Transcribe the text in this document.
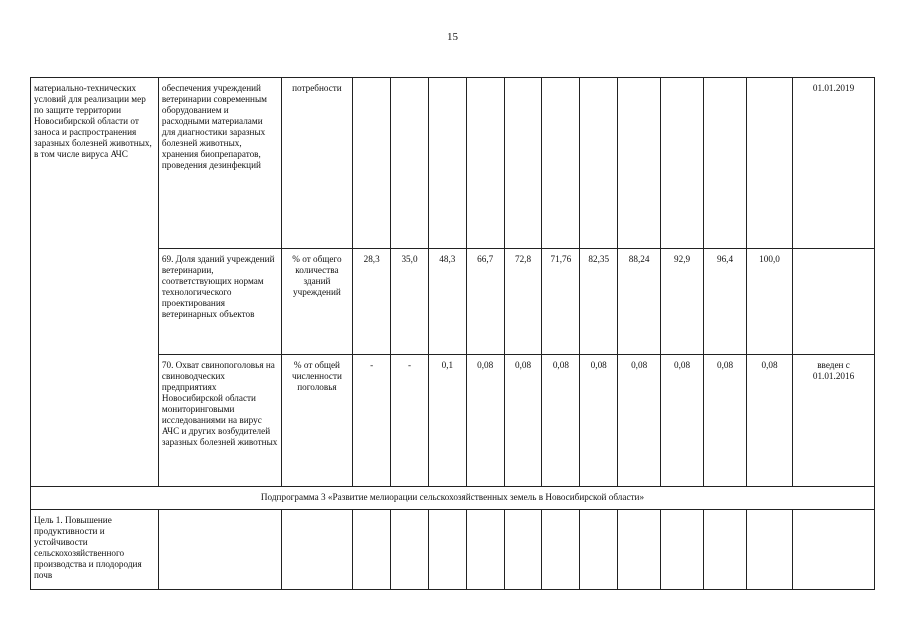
15
материально-технических условий для реализации мер по защите территории Новосибирской области от заноса и распространения заразных болезней животных, в том числе вируса АЧС	обеспечения учреждений ветеринарии современным оборудованием и расходными материалами для диагностики заразных болезней животных, хранения биопрепаратов, проведения дезинфекций	потребности												01.01.2019
	69. Доля зданий учреждений ветеринарии, соответствующих нормам технологического проектирования ветеринарных объектов	% от общего количества зданий учреждений	28,3	35,0	48,3	66,7	72,8	71,76	82,35	88,24	92,9	96,4	100,0	
	70. Охват свинопоголовья на свиноводческих предприятиях Новосибирской области мониторинговыми исследованиями на вирус АЧС и других возбудителей заразных болезней животных	% от общей численности поголовья	-	-	0,1	0,08	0,08	0,08	0,08	0,08	0,08	0,08	0,08	введен с 01.01.2016
Подпрограмма 3 «Развитие мелиорации сельскохозяйственных земель в Новосибирской области»														
Цель 1. Повышение продуктивности и устойчивости сельскохозяйственного производства и плодородия почв														
